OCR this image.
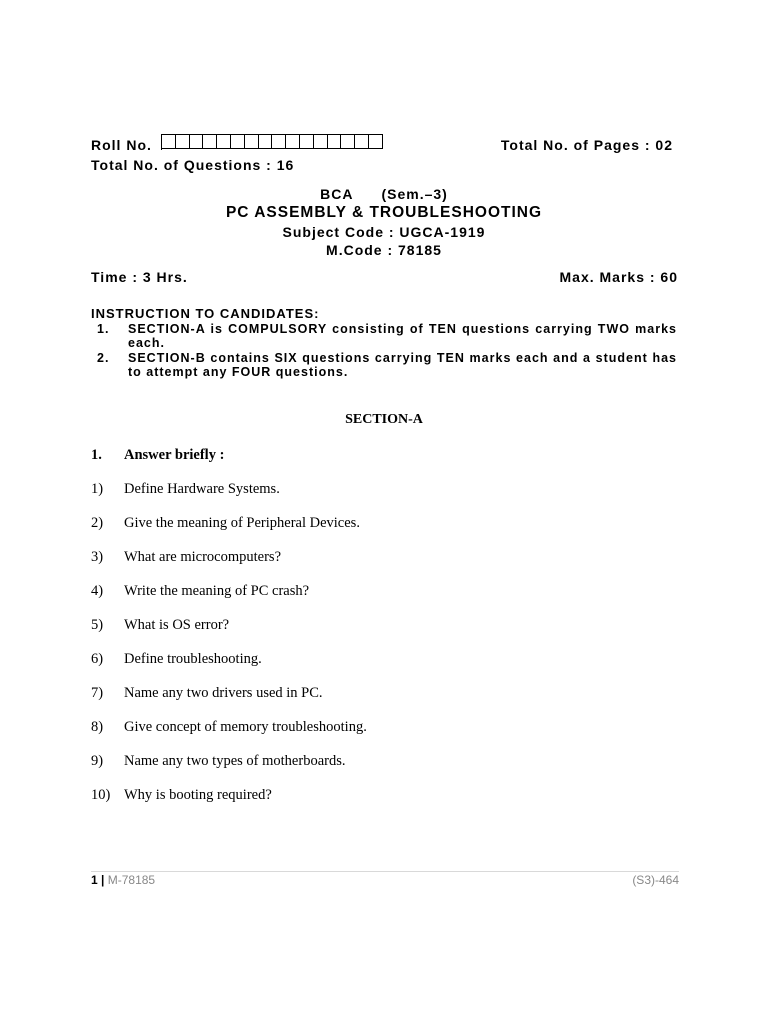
Roll No.	Total No. of Pages : 02
Total No. of Questions : 16
BCA (Sem.–3)
PC ASSEMBLY & TROUBLESHOOTING
Subject Code : UGCA-1919
M.Code : 78185
Time : 3 Hrs.	Max. Marks : 60
INSTRUCTION TO CANDIDATES:
1. SECTION-A is COMPULSORY consisting of TEN questions carrying TWO marks each.
2. SECTION-B contains SIX questions carrying TEN marks each and a student has to attempt any FOUR questions.
SECTION-A
1. Answer briefly :
1) Define Hardware Systems.
2) Give the meaning of Peripheral Devices.
3) What are microcomputers?
4) Write the meaning of PC crash?
5) What is OS error?
6) Define troubleshooting.
7) Name any two drivers used in PC.
8) Give concept of memory troubleshooting.
9) Name any two types of motherboards.
10) Why is booting required?
1 | M-78185	(S3)-464
